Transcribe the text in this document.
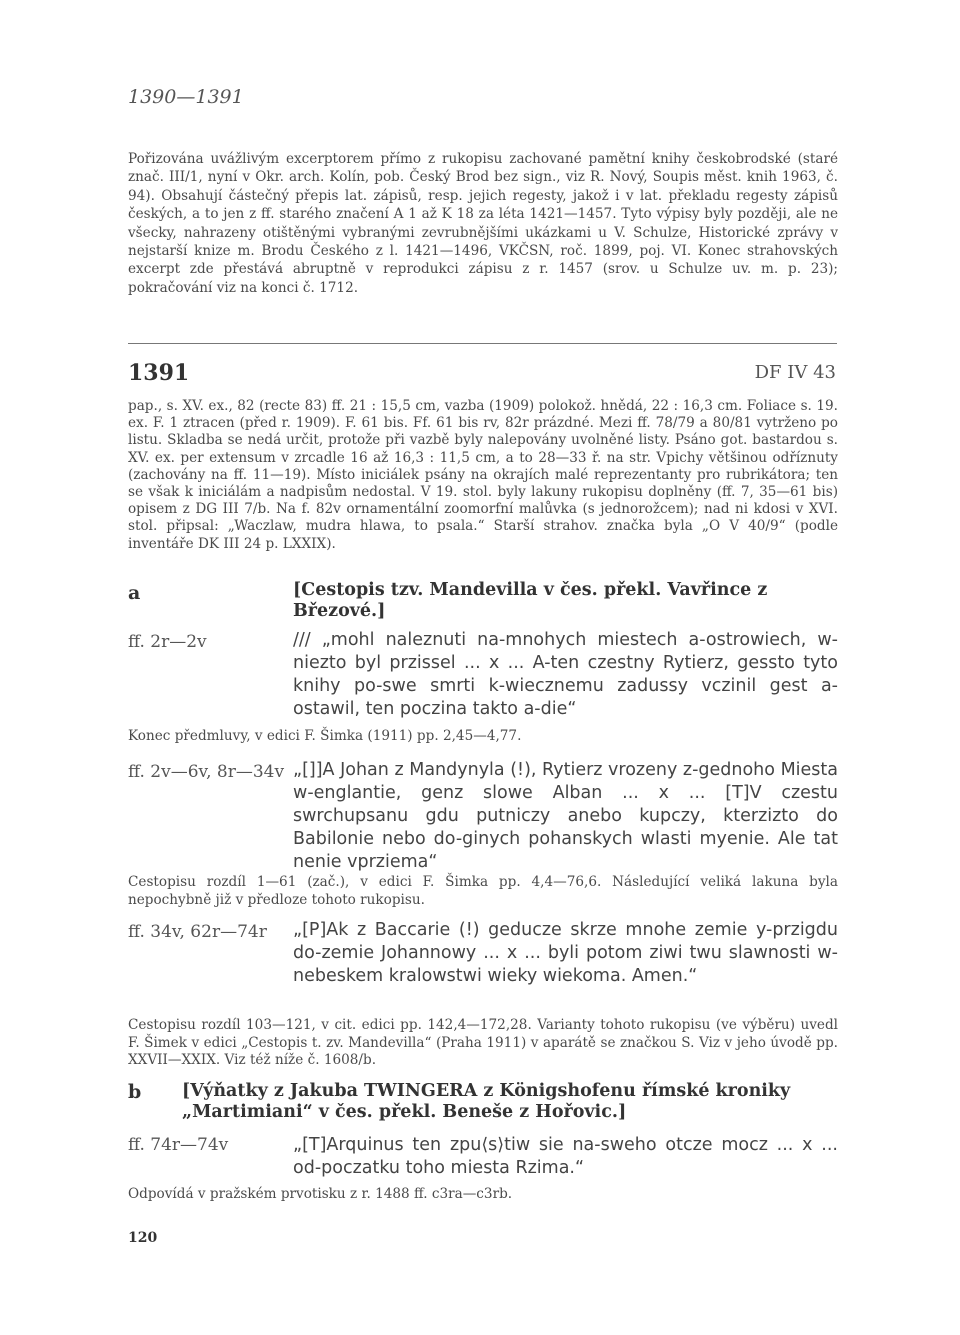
1390—1391
Pořizována uvážlivým excerptorem přímo z rukopisu zachované pamětní knihy českobrodské (staré znač. III/1, nyní v Okr. arch. Kolín, pob. Český Brod bez sign., viz R. Nový, Soupis měst. knih 1963, č. 94). Obsahují částečný přepis lat. zápisů, resp. jejich regesty, jakož i v lat. překladu regesty zápisů českých, a to jen z ff. starého značení A 1 až K 18 za léta 1421—1457. Tyto výpisy byly později, ale ne všecky, nahrazeny otištěnými vybranými zevrubnějšími ukázkami u V. Schulze, Historické zprávy v nejstarší knize m. Brodu Českého z l. 1421—1496, VKČSN, roč. 1899, poj. VI. Konec strahovských excerpt zde přestává abruptně v reprodukci zápisu z r. 1457 (srov. u Schulze uv. m. p. 23); pokračování viz na konci č. 1712.
1391	DF IV 43
pap., s. XV. ex., 82 (recte 83) ff. 21 : 15,5 cm, vazba (1909) polokož. hnědá, 22 : 16,3 cm. Foliace s. 19. ex. F. 1 ztracen (před r. 1909). F. 61 bis. Ff. 61 bis rv, 82r prázdné. Mezi ff. 78/79 a 80/81 vytrženo po listu. Skladba se nedá určit, protože při vazbě byly nalepovány uvolněné listy. Psáno got. bastardou s. XV. ex. per extensum v zrcadle 16 až 16,3 : 11,5 cm, a to 28—33 ř. na str. Vpichy většinou odříznuty (zachovány na ff. 11—19). Místo iniciálek psány na okrajích malé reprezentanty pro rubrikátora; ten se však k iniciálám a nadpisům nedostal. V 19. stol. byly lakuny rukopisu doplněny (ff. 7, 35—61 bis) opisem z DG III 7/b. Na f. 82v ornamentální zoomorfní malůvka (s jednorožcem); nad ni kdosi v XVI. stol. připsal: „Waczlaw, mudra hlawa, to psala.“ Starší strahov. značka byla „O V 40/9“ (podle inventáře DK III 24 p. LXXIX).
a	[Cestopis tzv. Mandevilla v čes. překl. Vavřince z Březové.]
ff. 2r—2v	/// „mohl naleznuti na-mnohych miestech a-ostrowiech, w-niezto byl przissel ... x ... A-ten czestny Rytierz, gessto tyto knihy po-swe smrti k-wiecznemu zadussy vczinil gest a-ostawil, ten poczina takto a-die“
Konec předmluvy, v edici F. Šimka (1911) pp. 2,45—4,77.
ff. 2v—6v, 8r—34v „[]]A Johan z Mandynyla (!), Rytierz vrozeny z-gednoho Miesta w-englantie, genz slowe Alban ... x ... [T]V czestu swrchupsanu gdu putniczy anebo kupczy, kterzizto do Babilonie nebo do-ginych pohanskych wlasti myenie. Ale tat nenie vprziema“
Cestopisu rozdíl 1—61 (zač.), v edici F. Šimka pp. 4,4—76,6. Následující veliká lakuna byla nepochybně již v předloze tohoto rukopisu.
ff. 34v, 62r—74r „[P]Ak z Baccarie (!) geducze skrze mnohe zemie y-przigdu do-zemie Johannowy ... x ... byli potom ziwi twu slawnosti w-nebeskem kralowstwi wieky wiekoma. Amen.“
Cestopisu rozdíl 103—121, v cit. edici pp. 142,4—172,28. Varianty tohoto rukopisu (ve výběru) uvedl F. Šimek v edici „Cestopis t. zv. Mandevilla“ (Praha 1911) v aparátě se značkou S. Viz v jeho úvodě pp. XXVII—XXIX. Viz též níže č. 1608/b.
b [Výňatky z Jakuba TWINGERA z Königshofenu římské kroniky „Martimiani“ v čes. překl. Beneše z Hořovic.]
ff. 74r—74v	„[T]Arquinus ten zpu⟨s⟩tiw sie na-sweho otcze mocz ... x ... od-poczatku toho miesta Rzima.“
Odpovídá v pražském prvotisku z r. 1488 ff. c3ra—c3rb.
120
